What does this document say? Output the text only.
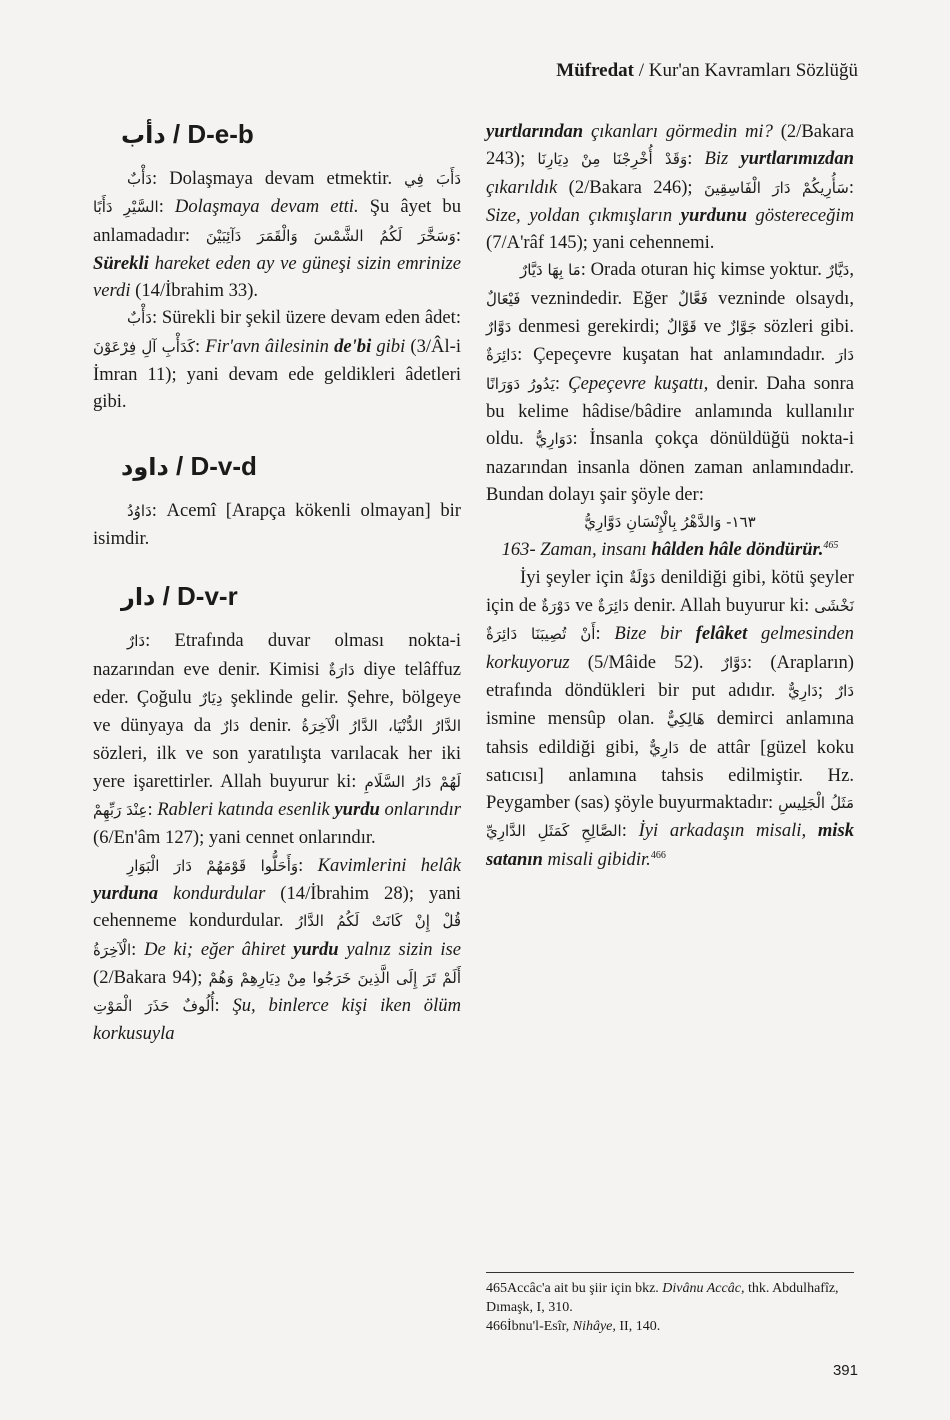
Müfredat / Kur'an Kavramları Sözlüğü
دأب / D-e-b

دَأْبٌ: Dolaşmaya devam etmektir. دَأَبَ فِي السَّيْرِ دَأَبًا: Dolaşmaya devam etti. Şu âyet bu anlamadadır: وَسَخَّرَ لَكُمُ الشَّمْسَ وَالْقَمَرَ دَآئِبَيْنَ: Sürekli hareket eden ay ve güneşi sizin emrinize verdi (14/İbrahim 33).

دَأْبٌ: Sürekli bir şekil üzere devam eden âdet: كَدَأْبِ آلِ فِرْعَوْنَ: Fir'avn âilesinin de'bi gibi (3/Âl-i İmran 11); yani devam ede geldikleri âdetleri gibi.

داود / D-v-d

دَاوُدُ: Acemî [Arapça kökenli olmayan] bir isimdir.

دار / D-v-r

دَارٌ: Etrafında duvar olması nokta-i nazarından eve denir. Kimisi دَارَةٌ diye telâffuz eder. Çoğulu دِيَارٌ şeklinde gelir. Şehre, bölgeye ve dünyaya da دَارٌ denir. الدَّارُ الدُّنْيَا، الدَّارُ الْآخِرَةُ sözleri, ilk ve son yaratılışta varılacak her iki yere işarettirler. Allah buyurur ki: لَهُمْ دَارُ السَّلَامِ عِنْدَ رَبِّهِمْ: Rableri katında esenlik yurdu onlarındır (6/En'âm 127); yani cennet onlarındır.

وَأَحَلُّوا قَوْمَهُمْ دَارَ الْبَوَارِ: Kavimlerini helâk yurduna kondurdular (14/İbrahim 28); yani cehenneme kondurdular. قُلْ إِنْ كَانَتْ لَكُمُ الدَّارُ الْآخِرَةُ: De ki; eğer âhiret yurdu yalnız sizin ise (2/Bakara 94); أَلَمْ تَرَ إِلَى الَّذِينَ خَرَجُوا مِنْ دِيَارِهِمْ وَهُمْ أُلُوفٌ حَذَرَ الْمَوْتِ: Şu, binlerce kişi iken ölüm korkusuyla

yurtlarından çıkanları görmedin mi? (2/Bakara 243); وَقَدْ أُخْرِجْنَا مِنْ دِيَارِنَا: Biz yurtlarımızdan çıkarıldık (2/Bakara 246); سَأُرِيكُمْ دَارَ الْفَاسِقِينَ: Size, yoldan çıkmışların yurdunu göstereceğim (7/A'râf 145); yani cehennemi.

مَا بِهَا دَيَّارٌ: Orada oturan hiç kimse yoktur. دَيَّارٌ, فَيْعَالٌ veznindedir. Eğer فَعَّالٌ vezninde olsaydı, دَوَّارٌ denmesi gerekirdi; قَوَّالٌ ve جَوَّازٌ sözleri gibi. دَائِرَةٌ: Çepeçevre kuşatan hat anlamındadır. دَارَ يَدُورُ دَوَرَانًا: Çepeçevre kuşattı, denir. Daha sonra bu kelime hâdise/bâdire anlamında kullanılır oldu. دَوَارِيُّ: İnsanla çokça dönüldüğü nokta-i nazarından insanla dönen zaman anlamındadır. Bundan dolayı şair şöyle der:

١٦٣- وَالدَّهْرُ بِالْإِنْسَانِ دَوَّارِيُّ

163- Zaman, insanı hâlden hâle döndürür.$^{465}$

İyi şeyler için دَوْلَةٌ denildiği gibi, kötü şeyler için de دَوْرَةٌ ve دَائِرَةٌ denir. Allah buyurur ki: نَخْشَى أَنْ تُصِيبَنَا دَائِرَةٌ: Bize bir felâket gelmesinden korkuyoruz (5/Mâide 52). دَوَّارٌ: (Arapların) etrafında döndükleri bir put adıdır. دَارِيٌّ; دَارٌ ismine mensûp olan. هَالِكِيٌّ demirci anlamına tahsis edildiği gibi, دَارِيٌّ de attâr [güzel koku satıcısı] anlamına tahsis edilmiştir. Hz. Peygamber (sas) şöyle buyurmaktadır: مَثَلُ الْجَلِيسِ الصَّالِحِ كَمَثَلِ الدَّارِيِّ: İyi arkadaşın misali, misk satanın misali gibidir.$^{466}$

465Accâc'a ait bu şiir için bkz. Divânu Accâc, thk. Abdulhafîz, Dımaşk, I, 310.

466İbnu'l-Esîr, Nihâye, II, 140.

391
